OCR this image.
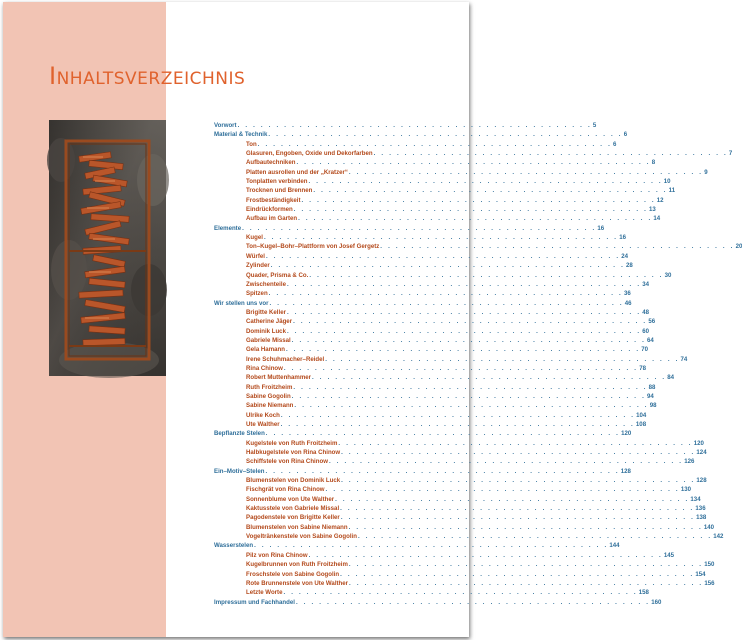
Inhaltsverzeichnis
Vorwort . . . . . . . . . . . . . . . . . . . . . . . . . . . . . . . . . . . . . . . . . . . . . . 5
Material & Technik . . . . . . . . . . . . . . . . . . . . . . . . . . . . . . . . . . . . . . . . . . . . . . 6
Ton . . . . . . . . . . . . . . . . . . . . . . . . . . . . . . . . . . . . . . . . . . . . . . 6
Glasuren, Engoben, Oxide und Dekorfarben . . . . . . . . . . . . . . . . . . . . . . . . . . . . . . . . . . . . . . . . . . . . . . 7
Aufbautechniken . . . . . . . . . . . . . . . . . . . . . . . . . . . . . . . . . . . . . . . . . . . . . . 8
Platten ausrollen und der „Kratzer“ . . . . . . . . . . . . . . . . . . . . . . . . . . . . . . . . . . . . . . . . . . . . . . 9
Tonplatten verbinden . . . . . . . . . . . . . . . . . . . . . . . . . . . . . . . . . . . . . . . . . . . . . . 10
Trocknen und Brennen . . . . . . . . . . . . . . . . . . . . . . . . . . . . . . . . . . . . . . . . . . . . . . 11
Frostbeständigkeit . . . . . . . . . . . . . . . . . . . . . . . . . . . . . . . . . . . . . . . . . . . . . . 12
Eindrückformen . . . . . . . . . . . . . . . . . . . . . . . . . . . . . . . . . . . . . . . . . . . . . . 13
Aufbau im Garten . . . . . . . . . . . . . . . . . . . . . . . . . . . . . . . . . . . . . . . . . . . . . . 14
Elemente . . . . . . . . . . . . . . . . . . . . . . . . . . . . . . . . . . . . . . . . . . . . . . 16
Kugel . . . . . . . . . . . . . . . . . . . . . . . . . . . . . . . . . . . . . . . . . . . . . . 16
Ton–Kugel–Bohr–Plattform von Josef Gergetz . . . . . . . . . . . . . . . . . . . . . . . . . . . . . . . . . . . . . . . . . . . . . . 20
Würfel . . . . . . . . . . . . . . . . . . . . . . . . . . . . . . . . . . . . . . . . . . . . . . 24
Zylinder . . . . . . . . . . . . . . . . . . . . . . . . . . . . . . . . . . . . . . . . . . . . . . 28
Quader, Prisma & Co. . . . . . . . . . . . . . . . . . . . . . . . . . . . . . . . . . . . . . . . . . . . . . . 30
Zwischenteile . . . . . . . . . . . . . . . . . . . . . . . . . . . . . . . . . . . . . . . . . . . . . . 34
Spitzen . . . . . . . . . . . . . . . . . . . . . . . . . . . . . . . . . . . . . . . . . . . . . . 36
Wir stellen uns vor . . . . . . . . . . . . . . . . . . . . . . . . . . . . . . . . . . . . . . . . . . . . . . 46
Brigitte Keller . . . . . . . . . . . . . . . . . . . . . . . . . . . . . . . . . . . . . . . . . . . . . . 48
Catherine Jäger . . . . . . . . . . . . . . . . . . . . . . . . . . . . . . . . . . . . . . . . . . . . . . 56
Dominik Luck . . . . . . . . . . . . . . . . . . . . . . . . . . . . . . . . . . . . . . . . . . . . . . 60
Gabriele Missal . . . . . . . . . . . . . . . . . . . . . . . . . . . . . . . . . . . . . . . . . . . . . . 64
Gela Hamann . . . . . . . . . . . . . . . . . . . . . . . . . . . . . . . . . . . . . . . . . . . . . . 70
Irene Schuhmacher–Reidel . . . . . . . . . . . . . . . . . . . . . . . . . . . . . . . . . . . . . . . . . . . . . . 74
Rina Chinow . . . . . . . . . . . . . . . . . . . . . . . . . . . . . . . . . . . . . . . . . . . . . . 78
Robert Muttenhammer . . . . . . . . . . . . . . . . . . . . . . . . . . . . . . . . . . . . . . . . . . . . . . 84
Ruth Froitzheim . . . . . . . . . . . . . . . . . . . . . . . . . . . . . . . . . . . . . . . . . . . . . . 88
Sabine Gogolin . . . . . . . . . . . . . . . . . . . . . . . . . . . . . . . . . . . . . . . . . . . . . . 94
Sabine Niemann . . . . . . . . . . . . . . . . . . . . . . . . . . . . . . . . . . . . . . . . . . . . . . 98
Ulrike Koch . . . . . . . . . . . . . . . . . . . . . . . . . . . . . . . . . . . . . . . . . . . . . . 104
Ute Walther . . . . . . . . . . . . . . . . . . . . . . . . . . . . . . . . . . . . . . . . . . . . . . 108
Bepflanzte Stelen . . . . . . . . . . . . . . . . . . . . . . . . . . . . . . . . . . . . . . . . . . . . . . 120
Kugelstele von Ruth Froitzheim . . . . . . . . . . . . . . . . . . . . . . . . . . . . . . . . . . . . . . . . . . . . . . 120
Halbkugelstele von Rina Chinow . . . . . . . . . . . . . . . . . . . . . . . . . . . . . . . . . . . . . . . . . . . . . . 124
Schiffstele von Rina Chinow . . . . . . . . . . . . . . . . . . . . . . . . . . . . . . . . . . . . . . . . . . . . . . 126
Ein–Motiv–Stelen . . . . . . . . . . . . . . . . . . . . . . . . . . . . . . . . . . . . . . . . . . . . . . 128
Blumenstelen von Dominik Luck . . . . . . . . . . . . . . . . . . . . . . . . . . . . . . . . . . . . . . . . . . . . . . 128
Fischgrät von Rina Chinow . . . . . . . . . . . . . . . . . . . . . . . . . . . . . . . . . . . . . . . . . . . . . . 130
Sonnenblume von Ute Walther . . . . . . . . . . . . . . . . . . . . . . . . . . . . . . . . . . . . . . . . . . . . . . 134
Kaktusstele von Gabriele Missal . . . . . . . . . . . . . . . . . . . . . . . . . . . . . . . . . . . . . . . . . . . . . . 136
Pagodenstele von Brigitte Keller . . . . . . . . . . . . . . . . . . . . . . . . . . . . . . . . . . . . . . . . . . . . . . 138
Blumenstelen von Sabine Niemann . . . . . . . . . . . . . . . . . . . . . . . . . . . . . . . . . . . . . . . . . . . . . . 140
Vogeltränkenstele von Sabine Gogolin . . . . . . . . . . . . . . . . . . . . . . . . . . . . . . . . . . . . . . . . . . . . . . 142
Wasserstelen . . . . . . . . . . . . . . . . . . . . . . . . . . . . . . . . . . . . . . . . . . . . . . 144
Pilz von Rina Chinow . . . . . . . . . . . . . . . . . . . . . . . . . . . . . . . . . . . . . . . . . . . . . . 145
Kugelbrunnen von Ruth Froitzheim . . . . . . . . . . . . . . . . . . . . . . . . . . . . . . . . . . . . . . . . . . . . . . 150
Froschstele von Sabine Gogolin . . . . . . . . . . . . . . . . . . . . . . . . . . . . . . . . . . . . . . . . . . . . . . 154
Rote Brunnenstele von Ute Walther . . . . . . . . . . . . . . . . . . . . . . . . . . . . . . . . . . . . . . . . . . . . . . 156
Letzte Worte . . . . . . . . . . . . . . . . . . . . . . . . . . . . . . . . . . . . . . . . . . . . . . 158
Impressum und Fachhandel . . . . . . . . . . . . . . . . . . . . . . . . . . . . . . . . . . . . . . . . . . . . . . 160
